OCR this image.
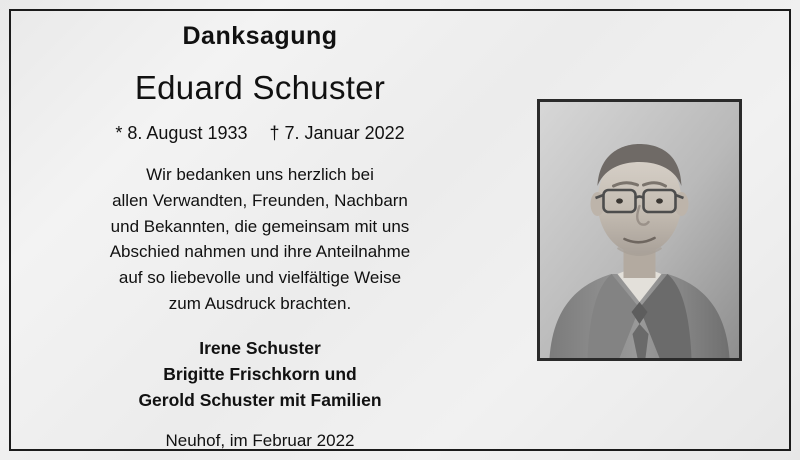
Danksagung
Eduard Schuster
* 8. August 1933 † 7. Januar 2022
Wir bedanken uns herzlich bei
allen Verwandten, Freunden, Nachbarn
und Bekannten, die gemeinsam mit uns
Abschied nahmen und ihre Anteilnahme
auf so liebevolle und vielfältige Weise
zum Ausdruck brachten.
Irene Schuster
Brigitte Frischkorn und
Gerold Schuster mit Familien
Neuhof, im Februar 2022
